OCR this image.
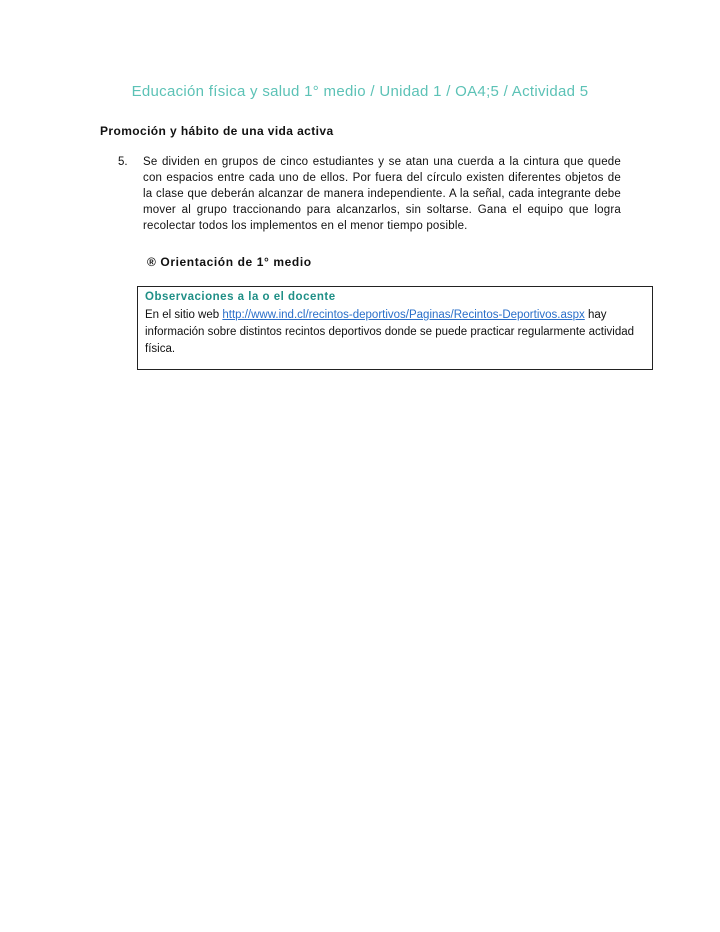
Educación física y salud 1° medio / Unidad 1 / OA4;5 / Actividad 5
Promoción y hábito de una vida activa
5. Se dividen en grupos de cinco estudiantes y se atan una cuerda a la cintura que quede con espacios entre cada uno de ellos. Por fuera del círculo existen diferentes objetos de la clase que deberán alcanzar de manera independiente. A la señal, cada integrante debe mover al grupo traccionando para alcanzarlos, sin soltarse. Gana el equipo que logra recolectar todos los implementos en el menor tiempo posible.
® Orientación de 1° medio
Observaciones a la o el docente
En el sitio web http://www.ind.cl/recintos-deportivos/Paginas/Recintos-Deportivos.aspx hay información sobre distintos recintos deportivos donde se puede practicar regularmente actividad física.
